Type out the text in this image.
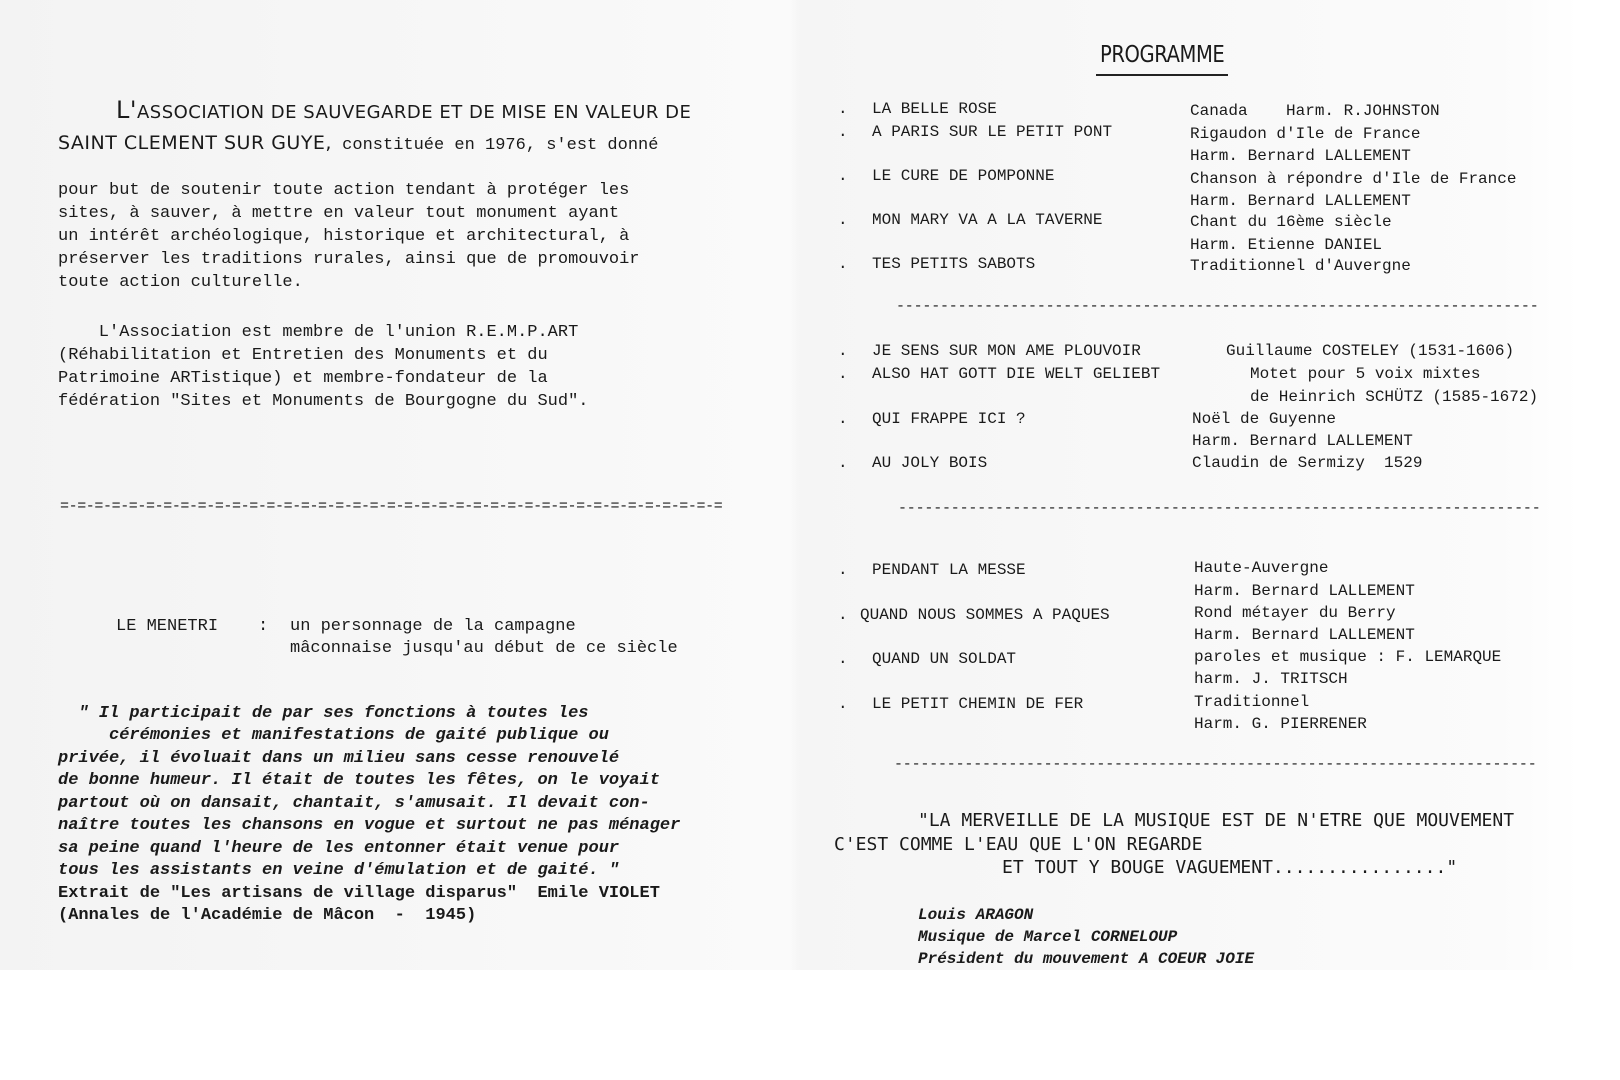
L'ASSOCIATION DE SAUVEGARDE ET DE MISE EN VALEUR DE
SAINT CLEMENT SUR GUYE, constituée en 1976, s'est donné

pour but de soutenir toute action tendant à protéger les
sites, à sauver, à mettre en valeur tout monument ayant
un intérêt archéologique, historique et architectural, à
préserver les traditions rurales, ainsi que de promouvoir
toute action culturelle.

L'Association est membre de l'union R.E.M.P.ART
(Réhabilitation et Entretien des Monuments et du
Patrimoine ARTistique) et membre-fondateur de la
fédération "Sites et Monuments de Bourgogne du Sud".

=-=-=-=-=-=-=-=-=-=-=-=-=-=-=-=-=-=-=-=-=-=-=-=-=-=-=-=-=-=-=-=-=-=-=-=-=-=-=
LE MENETRI : un personnage de la campagne
mâconnaise jusqu'au début de ce siècle

" Il participait de par ses fonctions à toutes les
cérémonies et manifestations de gaité publique ou
privée, il évoluait dans un milieu sans cesse renouvelé
de bonne humeur. Il était de toutes les fêtes, on le voyait
partout où on dansait, chantait, s'amusait. Il devait con-
naître toutes les chansons en vogue et surtout ne pas ménager
sa peine quand l'heure de les entonner était venue pour
tous les assistants en veine d'émulation et de gaité. "

Extrait de "Les artisans de village disparus"  Emile VIOLET
(Annales de l'Académie de Mâcon  -  1945)
PROGRAMME
. LA BELLE ROSE	Canada    Harm. R.JOHNSTON
. A PARIS SUR LE PETIT PONT	Rigaudon d'Ile de France
Harm. Bernard LALLEMENT
. LE CURE DE POMPONNE	Chanson à répondre d'Ile de France
Harm. Bernard LALLEMENT
. MON MARY VA A LA TAVERNE	Chant du 16ème siècle
Harm. Etienne DANIEL
. TES PETITS SABOTS	Traditionnel d'Auvergne
-------------------------------------------------------------------------
. JE SENS SUR MON AME PLOUVOIR	Guillaume COSTELEY (1531-1606)
. ALSO HAT GOTT DIE WELT GELIEBT	Motet pour 5 voix mixtes
de Heinrich SCHÜTZ (1585-1672)
. QUI FRAPPE ICI ?	Noël de Guyenne
Harm. Bernard LALLEMENT
. AU JOLY BOIS	Claudin de Sermizy  1529
-------------------------------------------------------------------------
. PENDANT LA MESSE	Haute-Auvergne
Harm. Bernard LALLEMENT
. QUAND NOUS SOMMES A PAQUES	Rond métayer du Berry
Harm. Bernard LALLEMENT
. QUAND UN SOLDAT	paroles et musique : F. LEMARQUE
harm. J. TRITSCH
. LE PETIT CHEMIN DE FER	Traditionnel
Harm. G. PIERRENER
-------------------------------------------------------------------------
"LA MERVEILLE DE LA MUSIQUE EST DE N'ETRE QUE MOUVEMENT
C'EST COMME L'EAU QUE L'ON REGARDE
ET TOUT Y BOUGE VAGUEMENT................"
Louis ARAGON
Musique de Marcel CORNELOUP
Président du mouvement A COEUR JOIE
